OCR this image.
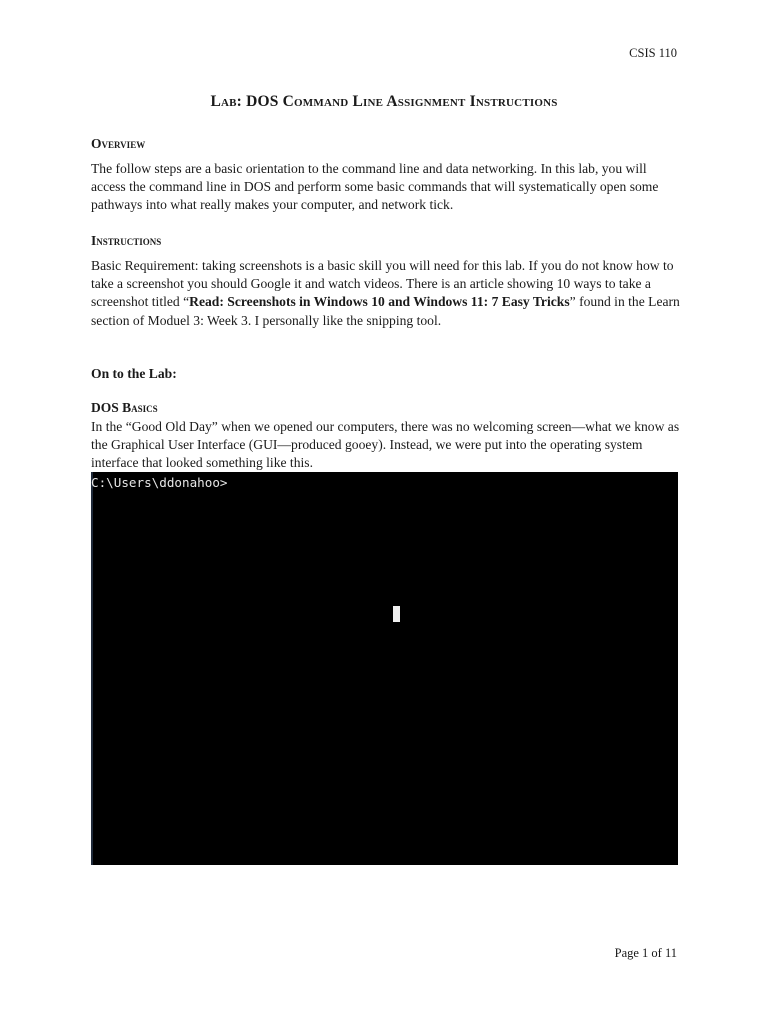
CSIS 110
Lab: DOS Command Line Assignment Instructions
Overview
The follow steps are a basic orientation to the command line and data networking. In this lab, you will access the command line in DOS and perform some basic commands that will systematically open some pathways into what really makes your computer, and network tick.
Instructions
Basic Requirement: taking screenshots is a basic skill you will need for this lab. If you do not know how to take a screenshot you should Google it and watch videos. There is an article showing 10 ways to take a screenshot titled “Read: Screenshots in Windows 10 and Windows 11: 7 Easy Tricks” found in the Learn section of Moduel 3: Week 3. I personally like the snipping tool.
On to the Lab:
DOS Basics
In the “Good Old Day” when we opened our computers, there was no welcoming screen—what we know as the Graphical User Interface (GUI—produced gooey). Instead, we were put into the operating system interface that looked something like this.
C:\Users\ddonahoo>
Page 1 of 11
